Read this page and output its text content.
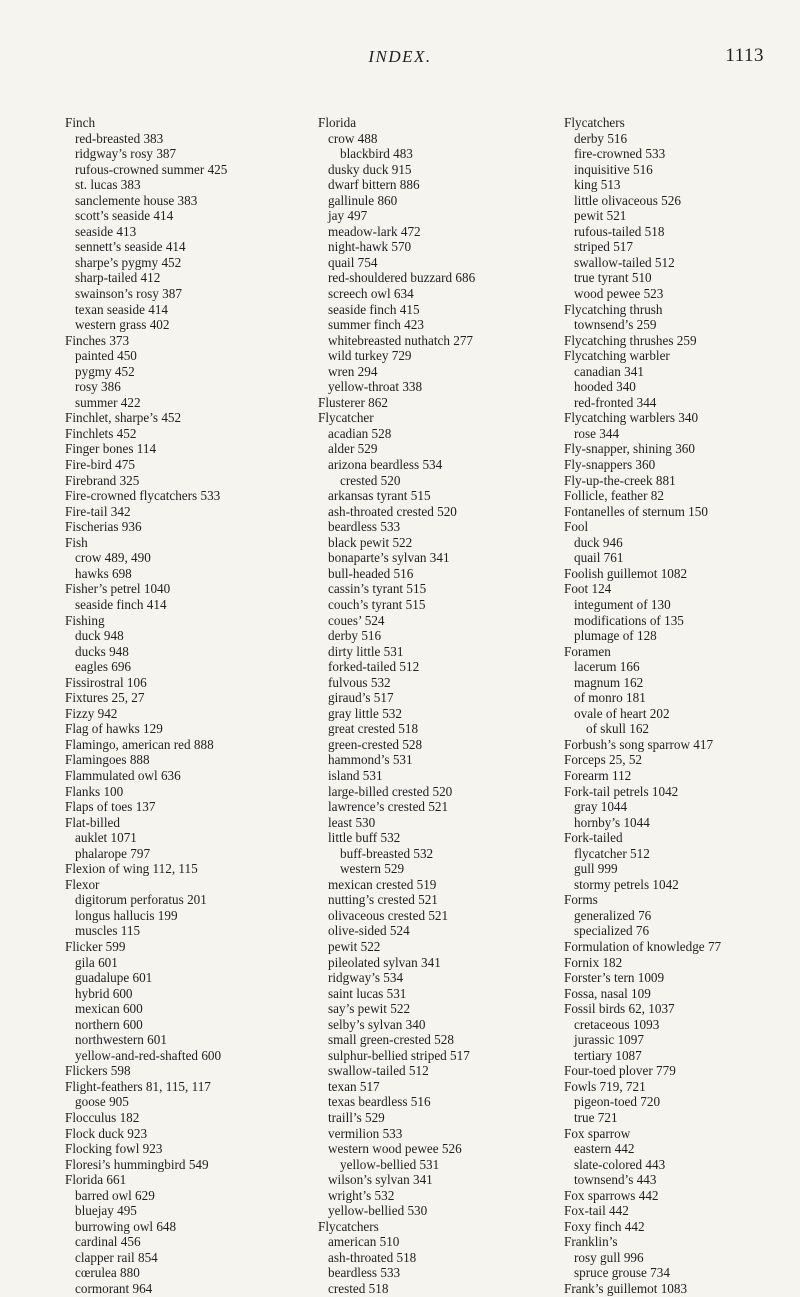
INDEX.	1113
Finch
red-breasted 383
ridgway’s rosy 387
rufous-crowned summer 425
st. lucas 383
sanclemente house 383
scott’s seaside 414
seaside 413
sennett’s seaside 414
sharpe’s pygmy 452
sharp-tailed 412
swainson’s rosy 387
texan seaside 414
western grass 402
Finches 373
painted 450
pygmy 452
rosy 386
summer 422
Finchlet, sharpe’s 452
Finchlets 452
Finger bones 114
Fire-bird 475
Firebrand 325
Fire-crowned flycatchers 533
Fire-tail 342
Fischerias 936
Fish
crow 489, 490
hawks 698
Fisher’s petrel 1040
seaside finch 414
Fishing
duck 948
ducks 948
eagles 696
Fissirostral 106
Fixtures 25, 27
Fizzy 942
Flag of hawks 129
Flamingo, american red 888
Flamingoes 888
Flammulated owl 636
Flanks 100
Flaps of toes 137
Flat-billed
auklet 1071
phalarope 797
Flexion of wing 112, 115
Flexor
digitorum perforatus 201
longus hallucis 199
muscles 115
Flicker 599
gila 601
guadalupe 601
hybrid 600
mexican 600
northern 600
northwestern 601
yellow-and-red-shafted 600
Flickers 598
Flight-feathers 81, 115, 117
goose 905
Flocculus 182
Flock duck 923
Flocking fowl 923
Floresi’s hummingbird 549
Florida 661
barred owl 629
bluejay 495
burrowing owl 648
cardinal 456
clapper rail 854
cœrulea 880
cormorant 964
Florida
crow 488
blackbird 483
dusky duck 915
dwarf bittern 886
gallinule 860
jay 497
meadow-lark 472
night-hawk 570
quail 754
red-shouldered buzzard 686
screech owl 634
seaside finch 415
summer finch 423
whitebreasted nuthatch 277
wild turkey 729
wren 294
yellow-throat 338
Flusterer 862
Flycatcher
acadian 528
alder 529
arizona beardless 534
crested 520
arkansas tyrant 515
ash-throated crested 520
beardless 533
black pewit 522
bonaparte’s sylvan 341
bull-headed 516
cassin’s tyrant 515
couch’s tyrant 515
coues’ 524
derby 516
dirty little 531
forked-tailed 512
fulvous 532
giraud’s 517
gray little 532
great crested 518
green-crested 528
hammond’s 531
island 531
large-billed crested 520
lawrence’s crested 521
least 530
little buff 532
buff-breasted 532
western 529
mexican crested 519
nutting’s crested 521
olivaceous crested 521
olive-sided 524
pewit 522
pileolated sylvan 341
ridgway’s 534
saint lucas 531
say’s pewit 522
selby’s sylvan 340
small green-crested 528
sulphur-bellied striped 517
swallow-tailed 512
texan 517
texas beardless 516
traill’s 529
vermilion 533
western wood pewee 526
yellow-bellied 531
wilson’s sylvan 341
wright’s 532
yellow-bellied 530
Flycatchers
american 510
ash-throated 518
beardless 533
crested 518
Flycatchers
derby 516
fire-crowned 533
inquisitive 516
king 513
little olivaceous 526
pewit 521
rufous-tailed 518
striped 517
swallow-tailed 512
true tyrant 510
wood pewee 523
Flycatching thrush
townsend’s 259
Flycatching thrushes 259
Flycatching warbler
canadian 341
hooded 340
red-fronted 344
Flycatching warblers 340
rose 344
Fly-snapper, shining 360
Fly-snappers 360
Fly-up-the-creek 881
Follicle, feather 82
Fontanelles of sternum 150
Fool
duck 946
quail 761
Foolish guillemot 1082
Foot 124
integument of 130
modifications of 135
plumage of 128
Foramen
lacerum 166
magnum 162
of monro 181
ovale of heart 202
of skull 162
Forbush’s song sparrow 417
Forceps 25, 52
Forearm 112
Fork-tail petrels 1042
gray 1044
hornby’s 1044
Fork-tailed
flycatcher 512
gull 999
stormy petrels 1042
Forms
generalized 76
specialized 76
Formulation of knowledge 77
Fornix 182
Forster’s tern 1009
Fossa, nasal 109
Fossil birds 62, 1037
cretaceous 1093
jurassic 1097
tertiary 1087
Four-toed plover 779
Fowls 719, 721
pigeon-toed 720
true 721
Fox sparrow
eastern 442
slate-colored 443
townsend’s 443
Fox sparrows 442
Fox-tail 442
Foxy finch 442
Franklin’s
rosy gull 996
spruce grouse 734
Frank’s guillemot 1083
